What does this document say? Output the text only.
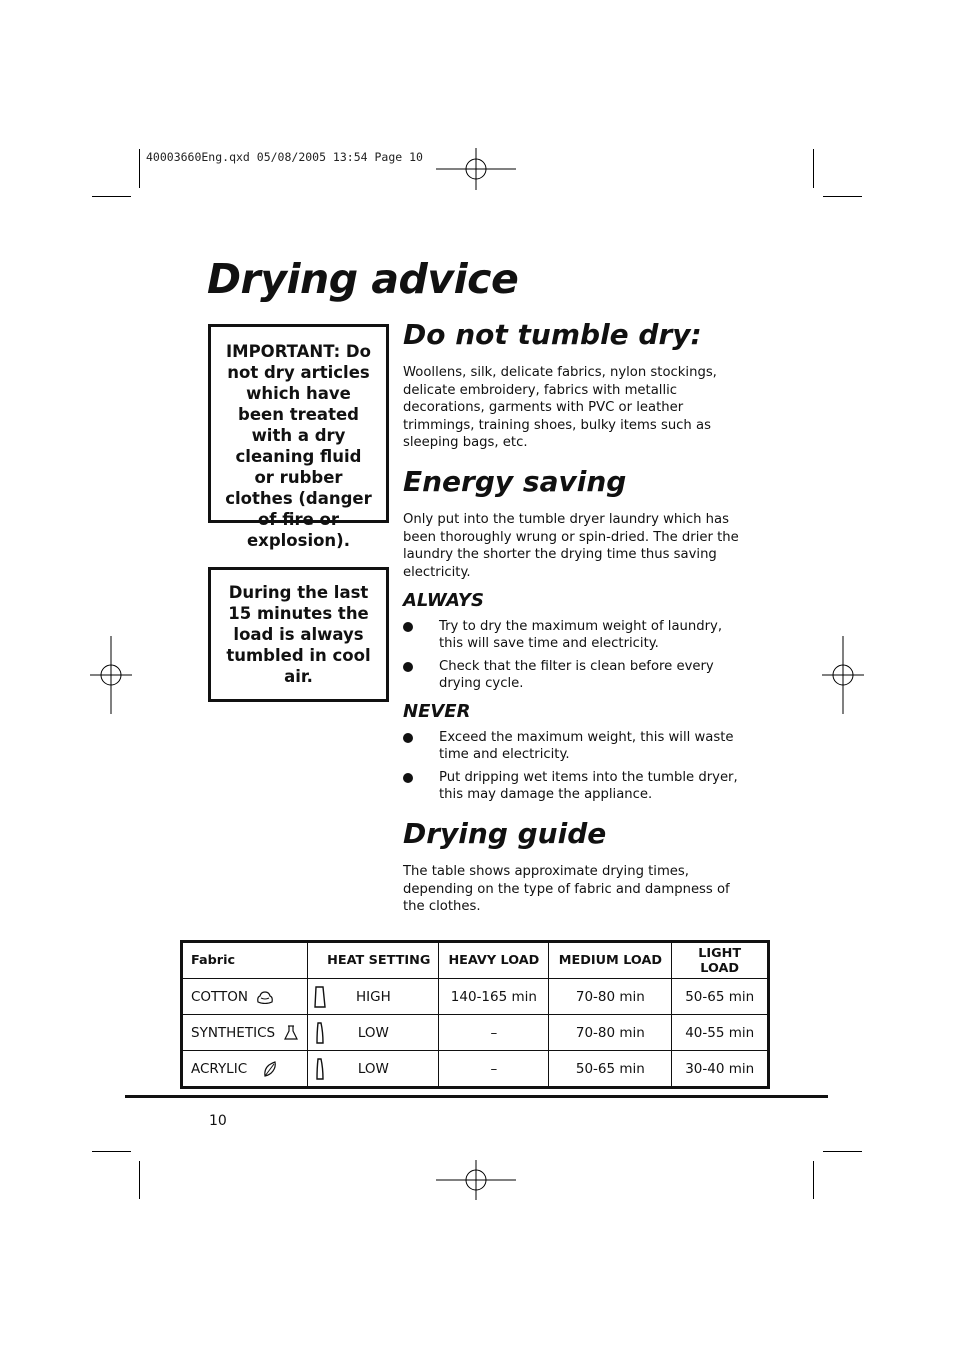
40003660Eng.qxd 05/08/2005 13:54 Page 10
Drying advice
IMPORTANT: Do not dry articles which have been treated with a dry cleaning fluid or rubber clothes (danger of fire or explosion).
During the last 15 minutes the load is always tumbled in cool air.
Do not tumble dry:

Woollens, silk, delicate fabrics, nylon stockings, delicate embroidery, fabrics with metallic decorations, garments with PVC or leather trimmings, training shoes, bulky items such as sleeping bags, etc.

Energy saving

Only put into the tumble dryer laundry which has been thoroughly wrung or spin-dried. The drier the laundry the shorter the drying time thus saving electricity.

ALWAYS
Try to dry the maximum weight of laundry, this will save time and electricity.
Check that the filter is clean before every drying cycle.
NEVER
Exceed the maximum weight, this will waste time and electricity.
Put dripping wet items into the tumble dryer, this may damage the appliance.
Drying guide

The table shows approximate drying times, depending on the type of fabric and dampness of the clothes.

Fabric	HEAT SETTING	HEAVY LOAD	MEDIUM LOAD	LIGHT LOAD
COTTON	HIGH	140-165 min	70-80 min	50-65 min
SYNTHETICS	LOW	–	70-80 min	40-55 min
ACRYLIC	LOW	–	50-65 min	30-40 min
10
